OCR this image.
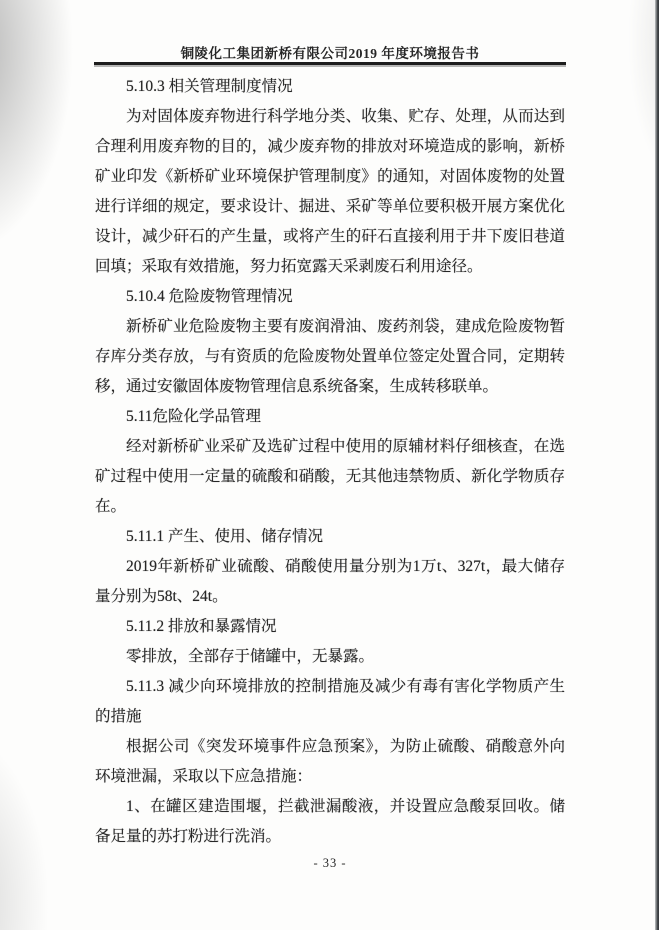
铜陵化工集团新桥有限公司2019 年度环境报告书

5.10.3 相关管理制度情况

为对固体废弃物进行科学地分类、收集、贮存、处理，从而达到合理利用废弃物的目的，减少废弃物的排放对环境造成的影响，新桥矿业印发《新桥矿业环境保护管理制度》的通知，对固体废物的处置进行详细的规定，要求设计、掘进、采矿等单位要积极开展方案优化设计，减少矸石的产生量，或将产生的矸石直接利用于井下废旧巷道回填；采取有效措施，努力拓宽露天采剥废石利用途径。

5.10.4 危险废物管理情况

新桥矿业危险废物主要有废润滑油、废药剂袋，建成危险废物暂存库分类存放，与有资质的危险废物处置单位签定处置合同，定期转移，通过安徽固体废物管理信息系统备案，生成转移联单。

5.11危险化学品管理

经对新桥矿业采矿及选矿过程中使用的原辅材料仔细核查，在选矿过程中使用一定量的硫酸和硝酸，无其他违禁物质、新化学物质存在。

5.11.1 产生、使用、储存情况

2019年新桥矿业硫酸、硝酸使用量分别为1万t、327t，最大储存量分别为58t、24t。

5.11.2 排放和暴露情况

零排放，全部存于储罐中，无暴露。

5.11.3 减少向环境排放的控制措施及减少有毒有害化学物质产生的措施

根据公司《突发环境事件应急预案》，为防止硫酸、硝酸意外向环境泄漏，采取以下应急措施：

1、在罐区建造围堰，拦截泄漏酸液，并设置应急酸泵回收。储备足量的苏打粉进行洗消。

- 33 -
